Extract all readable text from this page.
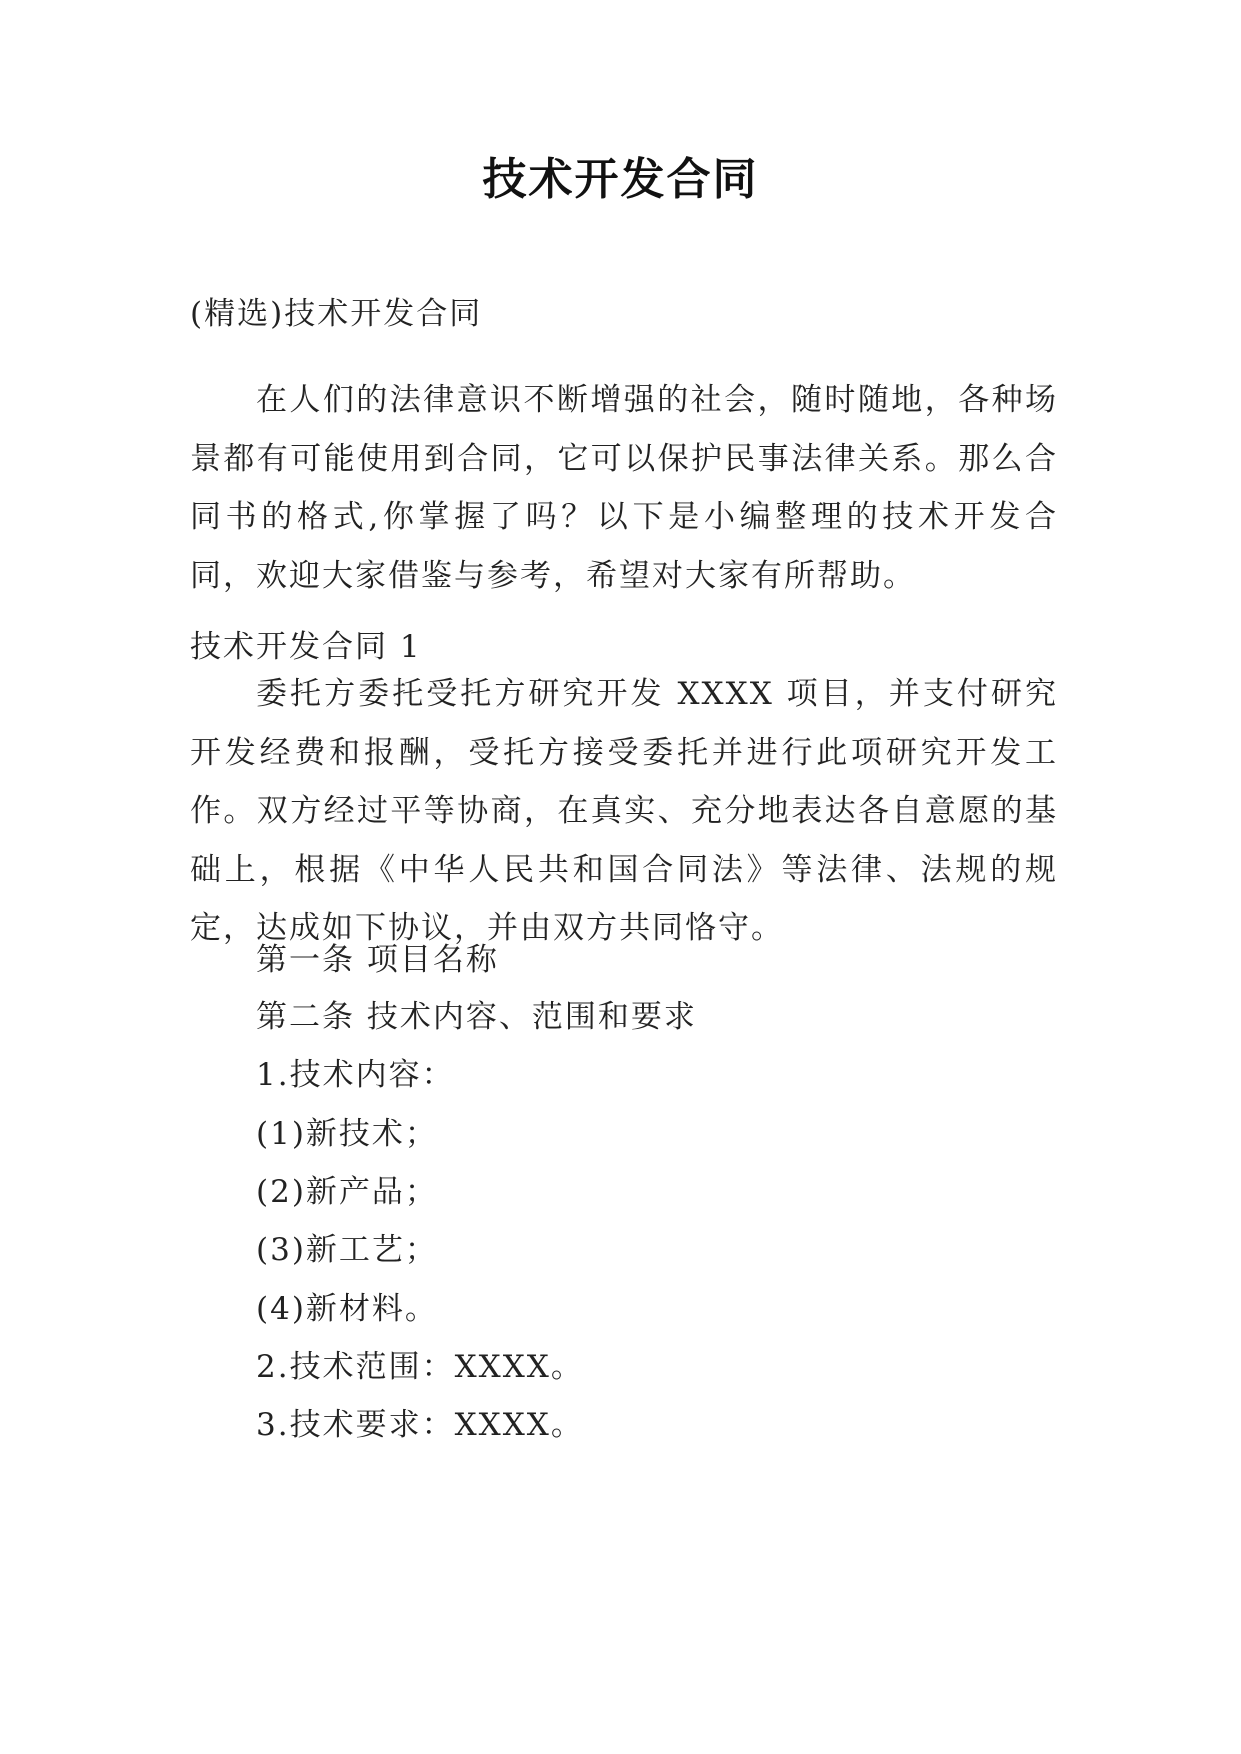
技术开发合同
(精选)技术开发合同
在人们的法律意识不断增强的社会，随时随地，各种场景都有可能使用到合同，它可以保护民事法律关系。那么合同书的格式,你掌握了吗？以下是小编整理的技术开发合同，欢迎大家借鉴与参考，希望对大家有所帮助。
技术开发合同 1
委托方委托受托方研究开发 XXXX 项目，并支付研究开发经费和报酬，受托方接受委托并进行此项研究开发工作。双方经过平等协商，在真实、充分地表达各自意愿的基础上，根据《中华人民共和国合同法》等法律、法规的规定，达成如下协议，并由双方共同恪守。
第一条 项目名称
第二条 技术内容、范围和要求
1.技术内容：
(1)新技术；
(2)新产品；
(3)新工艺；
(4)新材料。
2.技术范围：XXXX。
3.技术要求：XXXX。
